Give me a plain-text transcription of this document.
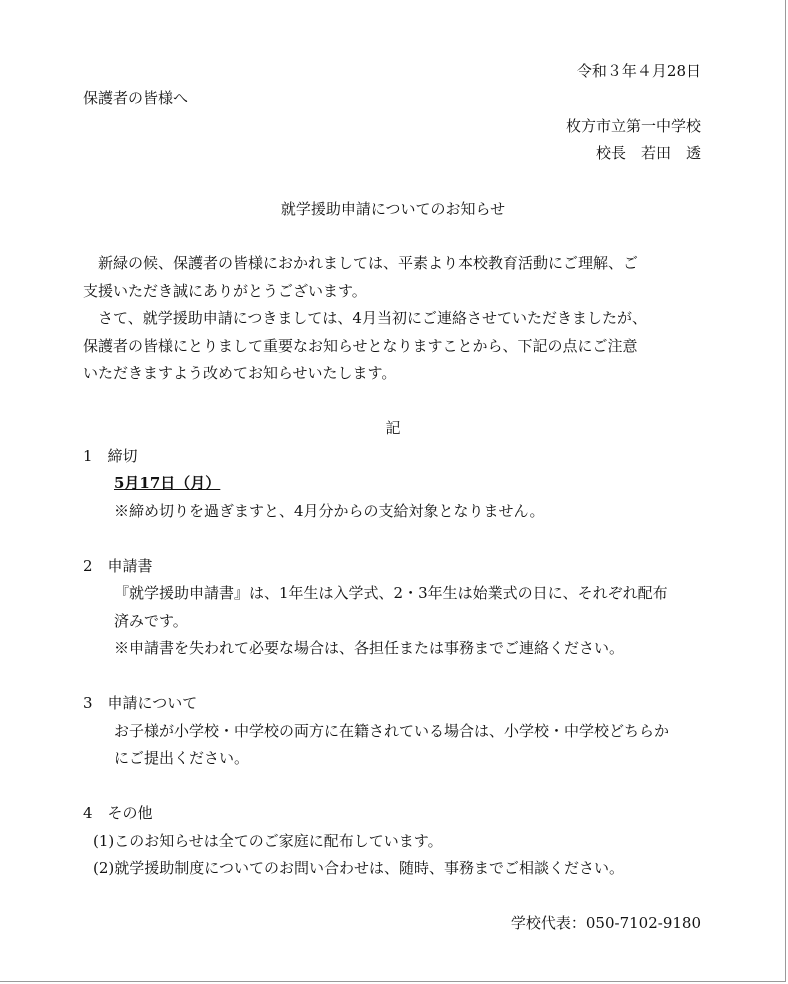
令和３年４月28日
保護者の皆様へ
枚方市立第一中学校
校長　若田　透
就学援助申請についてのお知らせ
新緑の候、保護者の皆様におかれましては、平素より本校教育活動にご理解、ご
支援いただき誠にありがとうございます。
さて、就学援助申請につきましては、4月当初にご連絡させていただきましたが、
保護者の皆様にとりまして重要なお知らせとなりますことから、下記の点にご注意
いただきますよう改めてお知らせいたします。
記
1　締切
5月17日（月）
※締め切りを過ぎますと、4月分からの支給対象となりません。
2　申請書
『就学援助申請書』は、1年生は入学式、2・3年生は始業式の日に、それぞれ配布
済みです。
※申請書を失われて必要な場合は、各担任または事務までご連絡ください。
3　申請について
お子様が小学校・中学校の両方に在籍されている場合は、小学校・中学校どちらか
にご提出ください。
4　その他
(1)このお知らせは全てのご家庭に配布しています。
(2)就学援助制度についてのお問い合わせは、随時、事務までご相談ください。
学校代表：050-7102-9180
